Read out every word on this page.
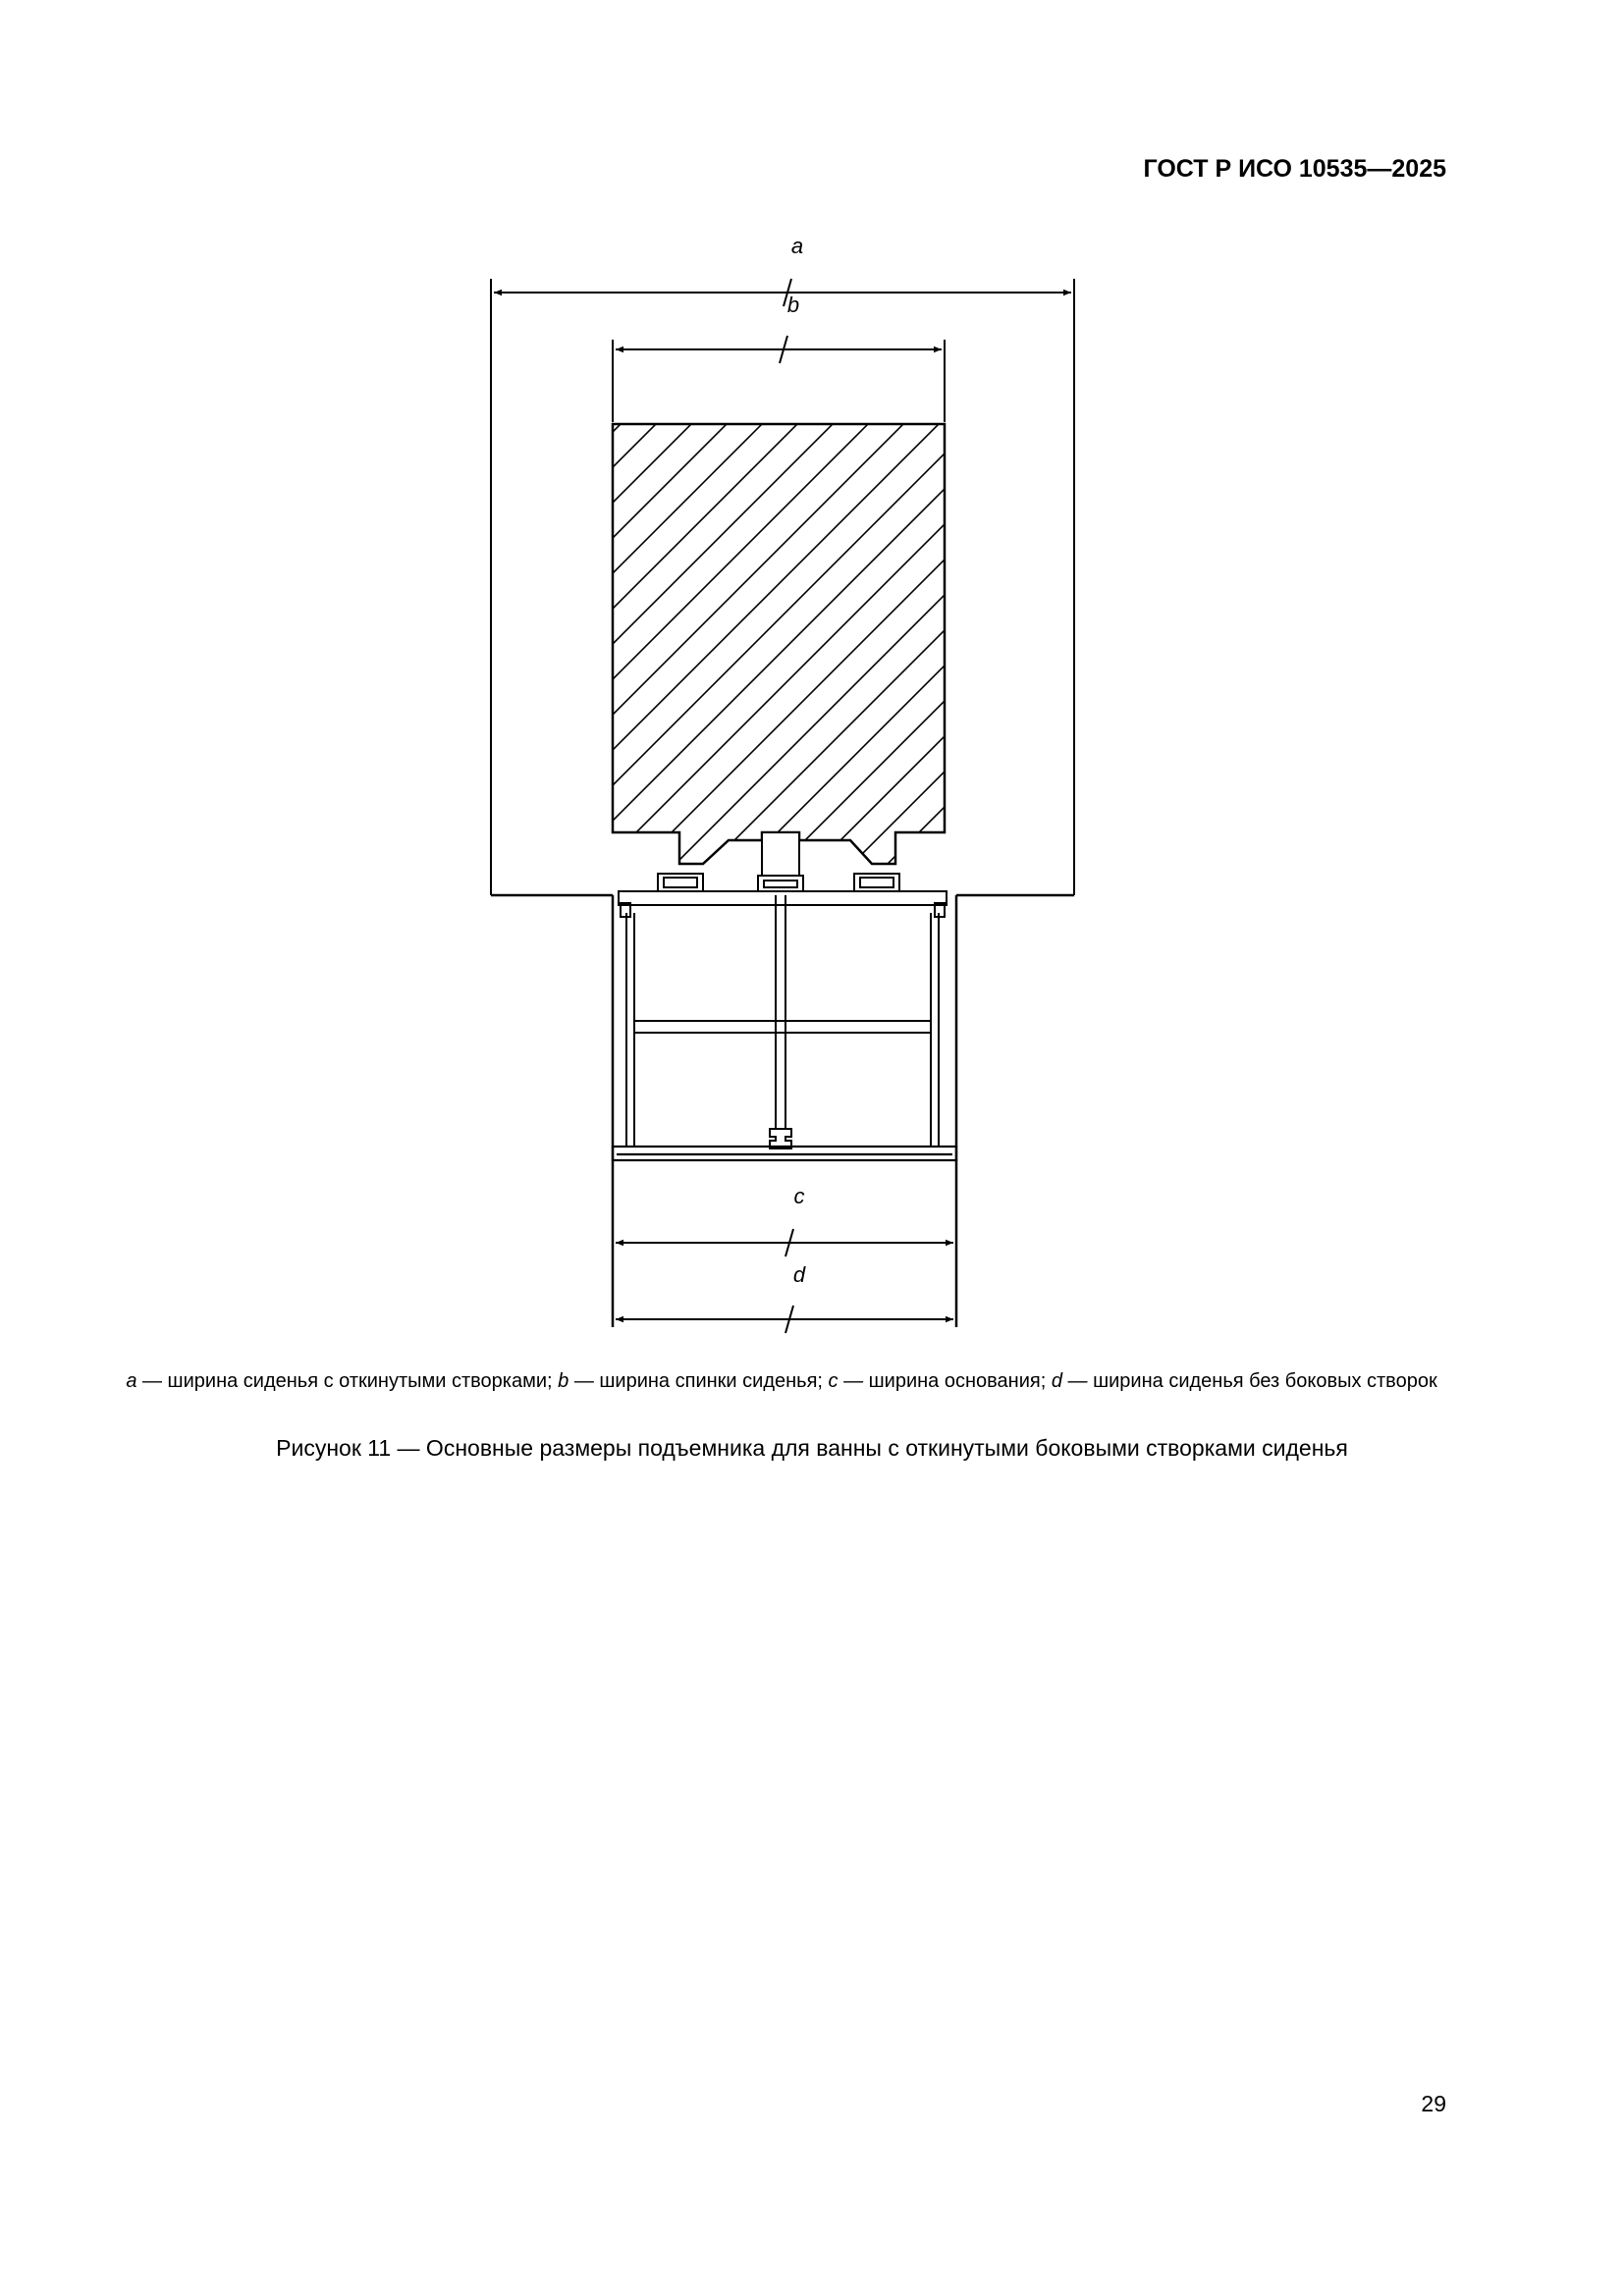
ГОСТ Р ИСО 10535—2025
a
b
c
d
a — ширина сиденья с откинутыми створками; b — ширина спинки сиденья; c — ширина основания; d — ширина сиденья без боковых створок
Рисунок 11 — Основные размеры подъемника для ванны с откинутыми боковыми створками сиденья
29
